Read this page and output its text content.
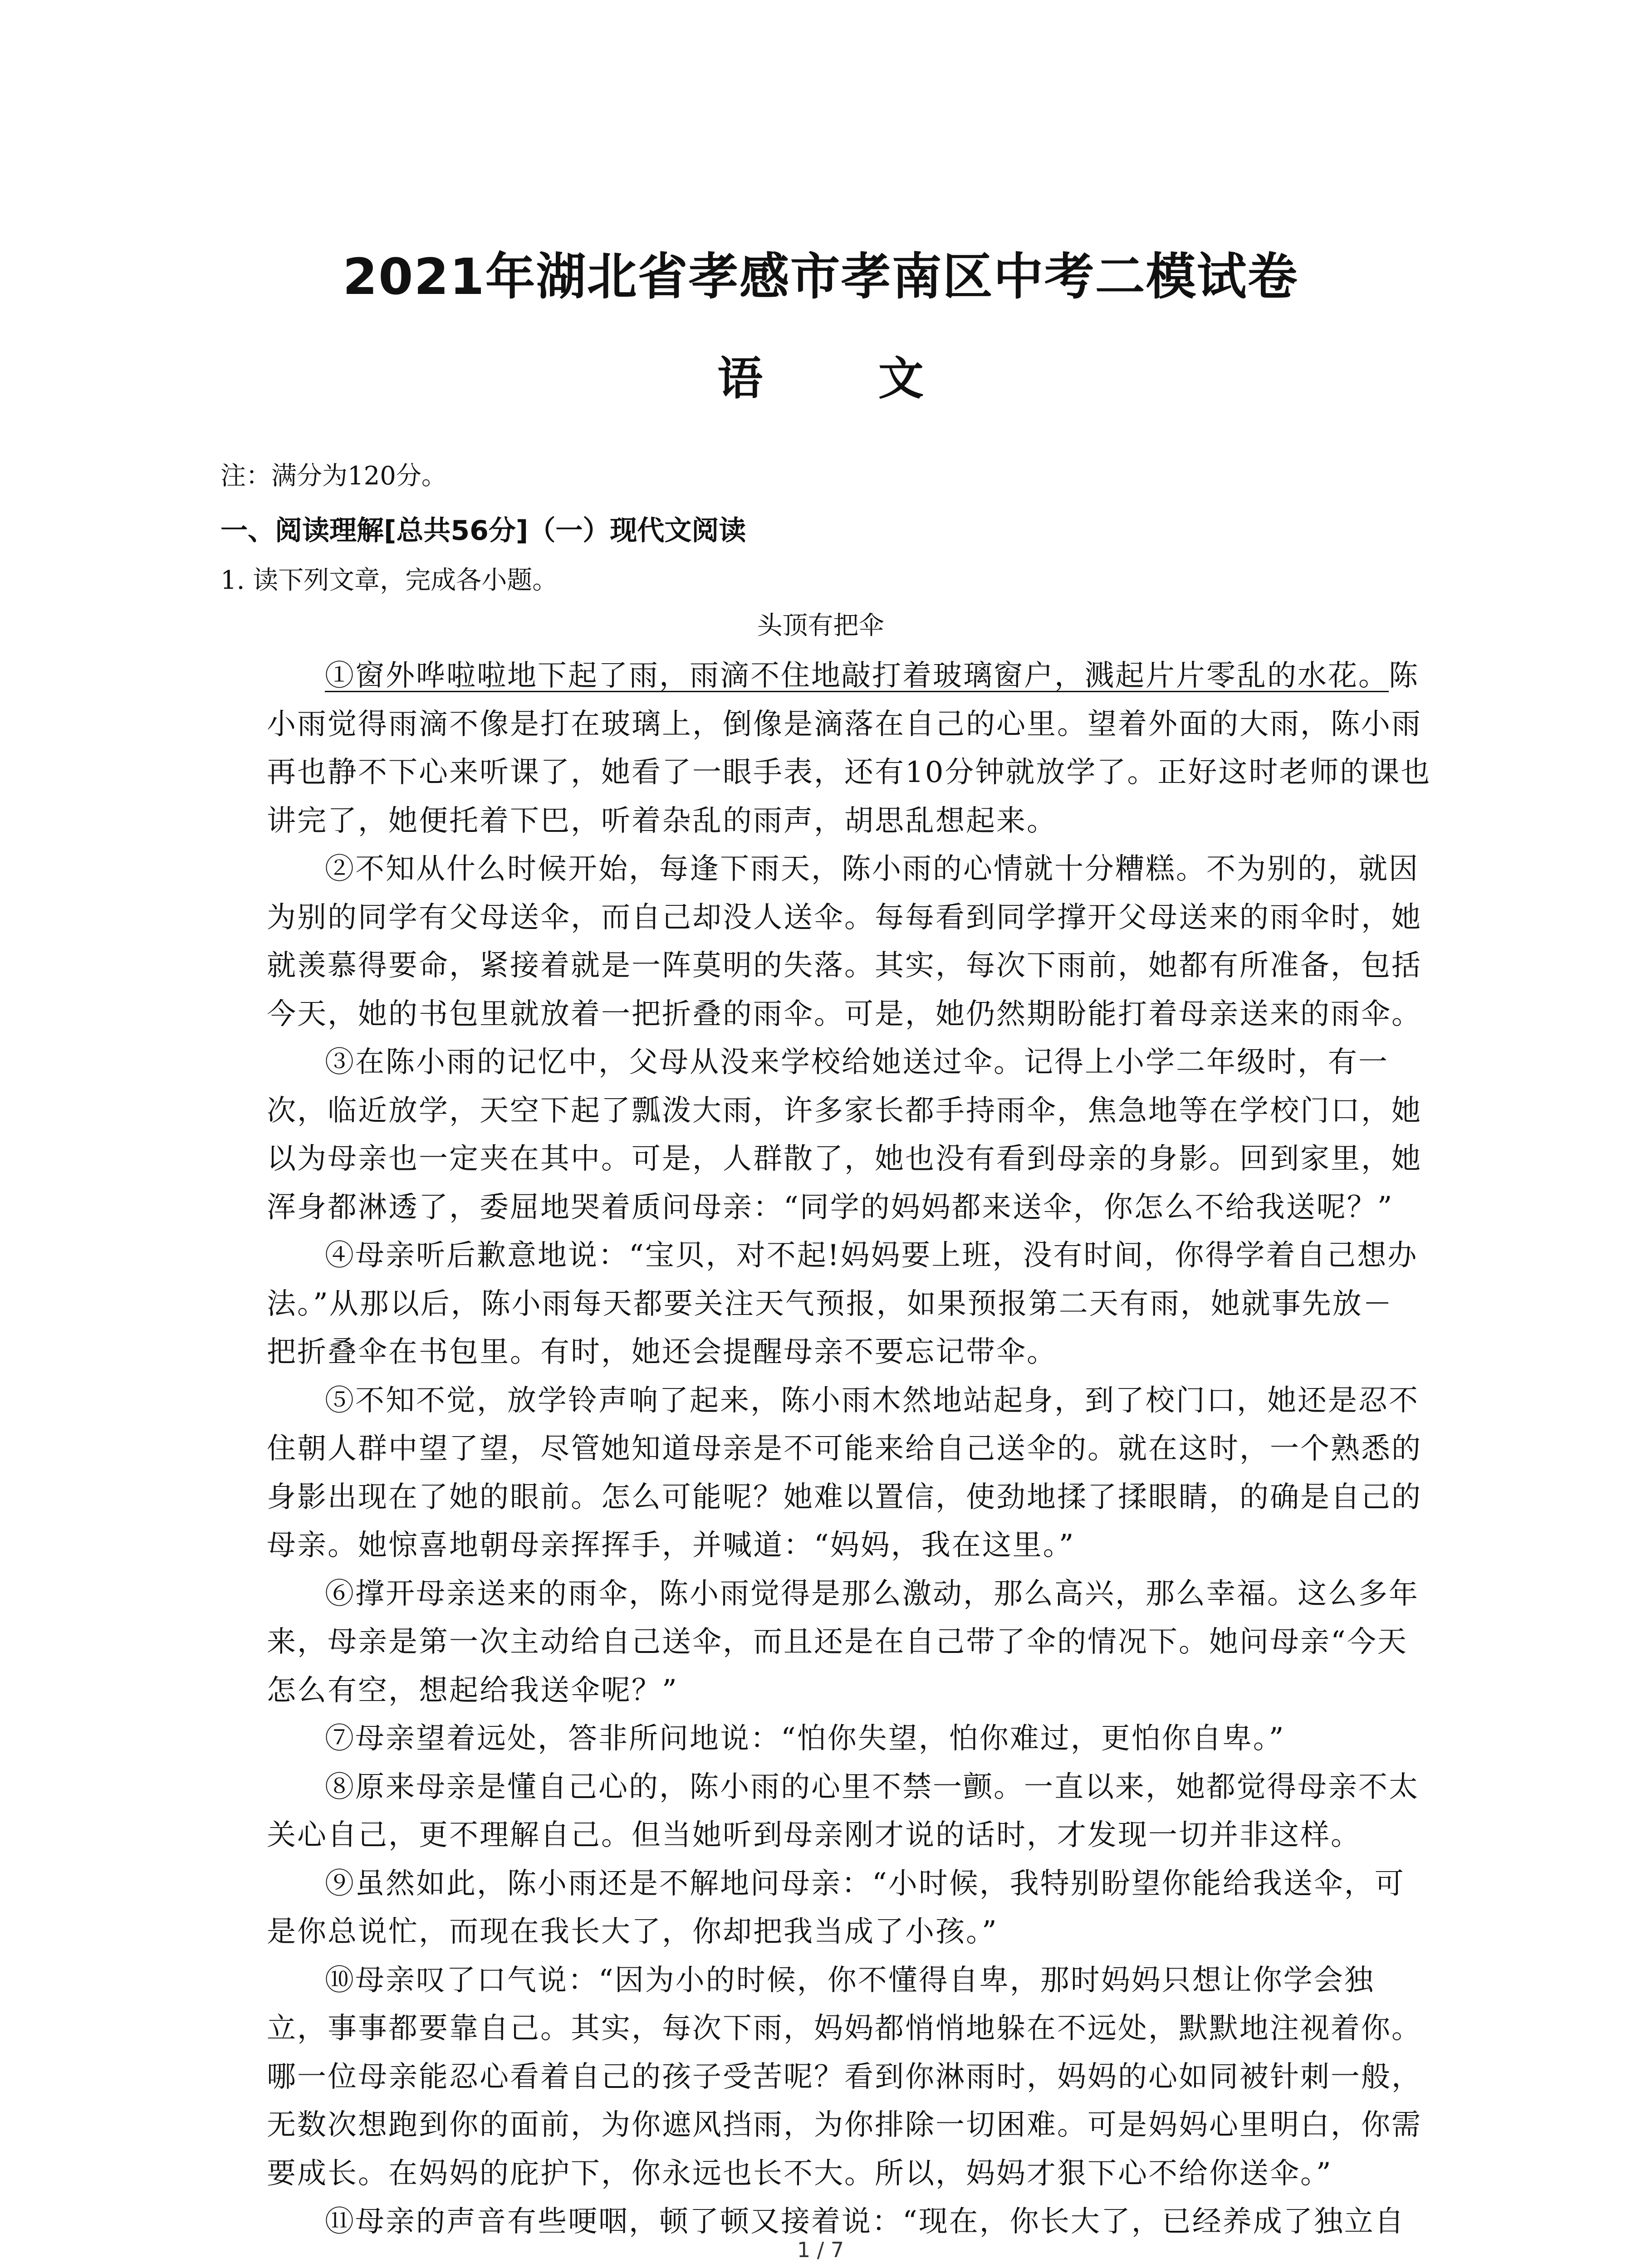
2021年湖北省孝感市孝南区中考二模试卷
语 文
注：满分为120分。
一、阅读理解[总共56分]（一）现代文阅读
1. 读下列文章，完成各小题。
头顶有把伞
①窗外哗啦啦地下起了雨，雨滴不住地敲打着玻璃窗户，溅起片片零乱的水花。陈
小雨觉得雨滴不像是打在玻璃上，倒像是滴落在自己的心里。望着外面的大雨，陈小雨
再也静不下心来听课了，她看了一眼手表，还有10分钟就放学了。正好这时老师的课也
讲完了，她便托着下巴，听着杂乱的雨声，胡思乱想起来。
②不知从什么时候开始，每逢下雨天，陈小雨的心情就十分糟糕。不为别的，就因
为别的同学有父母送伞，而自己却没人送伞。每每看到同学撑开父母送来的雨伞时，她
就羡慕得要命，紧接着就是一阵莫明的失落。其实，每次下雨前，她都有所准备，包括
今天，她的书包里就放着一把折叠的雨伞。可是，她仍然期盼能打着母亲送来的雨伞。
③在陈小雨的记忆中，父母从没来学校给她送过伞。记得上小学二年级时，有一
次，临近放学，天空下起了瓢泼大雨，许多家长都手持雨伞，焦急地等在学校门口，她
以为母亲也一定夹在其中。可是，人群散了，她也没有看到母亲的身影。回到家里，她
浑身都淋透了，委屈地哭着质问母亲：“同学的妈妈都来送伞，你怎么不给我送呢？”
④母亲听后歉意地说：“宝贝，对不起!妈妈要上班，没有时间，你得学着自己想办
法。”从那以后，陈小雨每天都要关注天气预报，如果预报第二天有雨，她就事先放－
把折叠伞在书包里。有时，她还会提醒母亲不要忘记带伞。
⑤不知不觉，放学铃声响了起来，陈小雨木然地站起身，到了校门口，她还是忍不
住朝人群中望了望，尽管她知道母亲是不可能来给自己送伞的。就在这时，一个熟悉的
身影出现在了她的眼前。怎么可能呢？她难以置信，使劲地揉了揉眼睛，的确是自己的
母亲。她惊喜地朝母亲挥挥手，并喊道：“妈妈，我在这里。”
⑥撑开母亲送来的雨伞，陈小雨觉得是那么激动，那么高兴，那么幸福。这么多年
来，母亲是第一次主动给自己送伞，而且还是在自己带了伞的情况下。她问母亲“今天
怎么有空，想起给我送伞呢？”
⑦母亲望着远处，答非所问地说：“怕你失望，怕你难过，更怕你自卑。”
⑧原来母亲是懂自己心的，陈小雨的心里不禁一颤。一直以来，她都觉得母亲不太
关心自己，更不理解自己。但当她听到母亲刚才说的话时，才发现一切并非这样。
⑨虽然如此，陈小雨还是不解地问母亲：“小时候，我特别盼望你能给我送伞，可
是你总说忙，而现在我长大了，你却把我当成了小孩。”
⑩母亲叹了口气说：“因为小的时候，你不懂得自卑，那时妈妈只想让你学会独
立，事事都要靠自己。其实，每次下雨，妈妈都悄悄地躲在不远处，默默地注视着你。
哪一位母亲能忍心看着自己的孩子受苦呢？看到你淋雨时，妈妈的心如同被针刺一般，
无数次想跑到你的面前，为你遮风挡雨，为你排除一切困难。可是妈妈心里明白，你需
要成长。在妈妈的庇护下，你永远也长不大。所以，妈妈才狠下心不给你送伞。”
⑪母亲的声音有些哽咽，顿了顿又接着说：“现在，你长大了，已经养成了独立自
1 / 7
